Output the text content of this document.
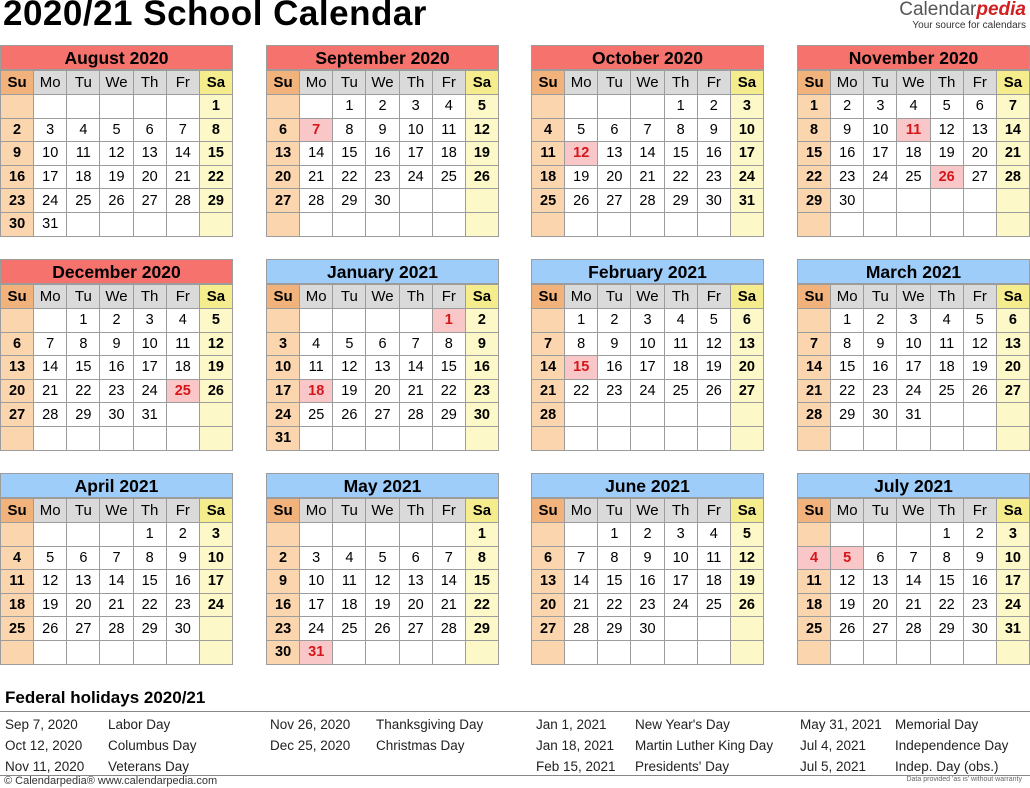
2020/21 School Calendar	Calendarpedia
Your source for calendars
August 2020
Su	Mo	Tu	We	Th	Fr	Sa
						1
2	3	4	5	6	7	8
9	10	11	12	13	14	15
16	17	18	19	20	21	22
23	24	25	26	27	28	29
30	31					
September 2020
Su	Mo	Tu	We	Th	Fr	Sa
		1	2	3	4	5
6	7	8	9	10	11	12
13	14	15	16	17	18	19
20	21	22	23	24	25	26
27	28	29	30			

October 2020
Su	Mo	Tu	We	Th	Fr	Sa
				1	2	3
4	5	6	7	8	9	10
11	12	13	14	15	16	17
18	19	20	21	22	23	24
25	26	27	28	29	30	31

November 2020
Su	Mo	Tu	We	Th	Fr	Sa
1	2	3	4	5	6	7
8	9	10	11	12	13	14
15	16	17	18	19	20	21
22	23	24	25	26	27	28
29	30					

December 2020
Su	Mo	Tu	We	Th	Fr	Sa
		1	2	3	4	5
6	7	8	9	10	11	12
13	14	15	16	17	18	19
20	21	22	23	24	25	26
27	28	29	30	31		

January 2021
Su	Mo	Tu	We	Th	Fr	Sa
					1	2
3	4	5	6	7	8	9
10	11	12	13	14	15	16
17	18	19	20	21	22	23
24	25	26	27	28	29	30
31						
February 2021
Su	Mo	Tu	We	Th	Fr	Sa
	1	2	3	4	5	6
7	8	9	10	11	12	13
14	15	16	17	18	19	20
21	22	23	24	25	26	27
28						

March 2021
Su	Mo	Tu	We	Th	Fr	Sa
	1	2	3	4	5	6
7	8	9	10	11	12	13
14	15	16	17	18	19	20
21	22	23	24	25	26	27
28	29	30	31			

April 2021
Su	Mo	Tu	We	Th	Fr	Sa
				1	2	3
4	5	6	7	8	9	10
11	12	13	14	15	16	17
18	19	20	21	22	23	24
25	26	27	28	29	30	

May 2021
Su	Mo	Tu	We	Th	Fr	Sa
						1
2	3	4	5	6	7	8
9	10	11	12	13	14	15
16	17	18	19	20	21	22
23	24	25	26	27	28	29
30	31					
June 2021
Su	Mo	Tu	We	Th	Fr	Sa
		1	2	3	4	5
6	7	8	9	10	11	12
13	14	15	16	17	18	19
20	21	22	23	24	25	26
27	28	29	30			

July 2021
Su	Mo	Tu	We	Th	Fr	Sa
				1	2	3
4	5	6	7	8	9	10
11	12	13	14	15	16	17
18	19	20	21	22	23	24
25	26	27	28	29	30	31

Federal holidays 2020/21
Sep 7, 2020 Labor Day
Oct 12, 2020 Columbus Day
Nov 11, 2020 Veterans Day
Nov 26, 2020 Thanksgiving Day
Dec 25, 2020 Christmas Day
Jan 1, 2021 New Year's Day
Jan 18, 2021 Martin Luther King Day
Feb 15, 2021 Presidents' Day
May 31, 2021 Memorial Day
Jul 4, 2021 Independence Day
Jul 5, 2021 Indep. Day (obs.)
© Calendarpedia® www.calendarpedia.com	Data provided 'as is' without warranty
